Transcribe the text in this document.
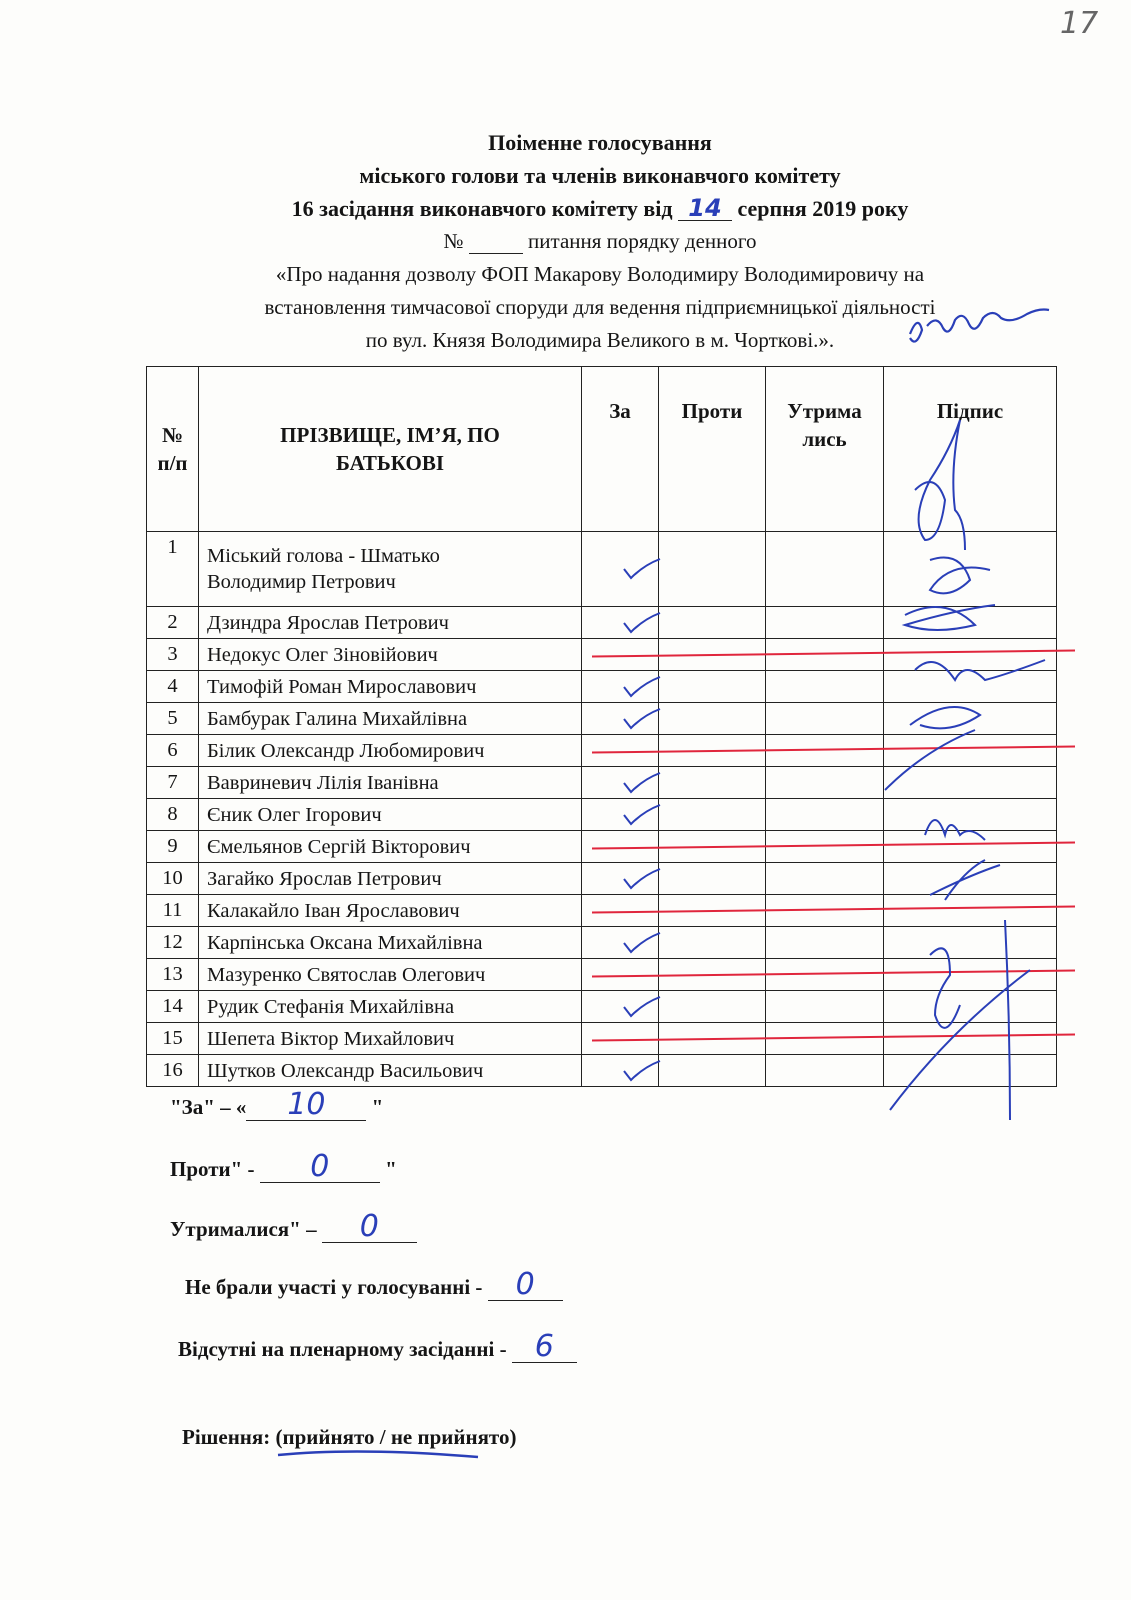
17
Поіменне голосування
міського голови та членів виконавчого комітету
16 засідання виконавчого комітету від 14 серпня 2019 року
№	питання порядку денного
«Про надання дозволу ФОП Макарову Володимиру Володимировичу на
встановлення тимчасової споруди для ведення підприємницької діяльності
по вул. Князя Володимира Великого в м. Чорткові.».
№ п/п	ПРІЗВИЩЕ, ІМ’Я, ПО БАТЬКОВІ	За	Проти	Утрима лись	Підпис
1	Міський голова - Шматько
Володимир Петрович

2	Дзиндра Ярослав Петрович	

3	Недокус Олег Зіновійович				
4	Тимофій Роман Мирославович	

5	Бамбурак Галина Михайлівна	

6	Білик Олександр Любомирович				
7	Вавриневич Лілія Іванівна	

8	Єник Олег Ігорович	

9	Ємельянов Сергій Вікторович				
10	Загайко Ярослав Петрович	

11	Калакайло Іван Ярославович				
12	Карпінська Оксана Михайлівна	

13	Мазуренко Святослав Олегович				
14	Рудик Стефанія Михайлівна	

15	Шепета Віктор Михайлович				
16	Шутков Олександр Васильович	

"За" – « 10 "
Проти" - 0	"
Утрималися" – 0
Не брали участі у голосуванні - 0
Відсутні на пленарному засіданні - 6
Рішення: (прийнято / не прийнято)
